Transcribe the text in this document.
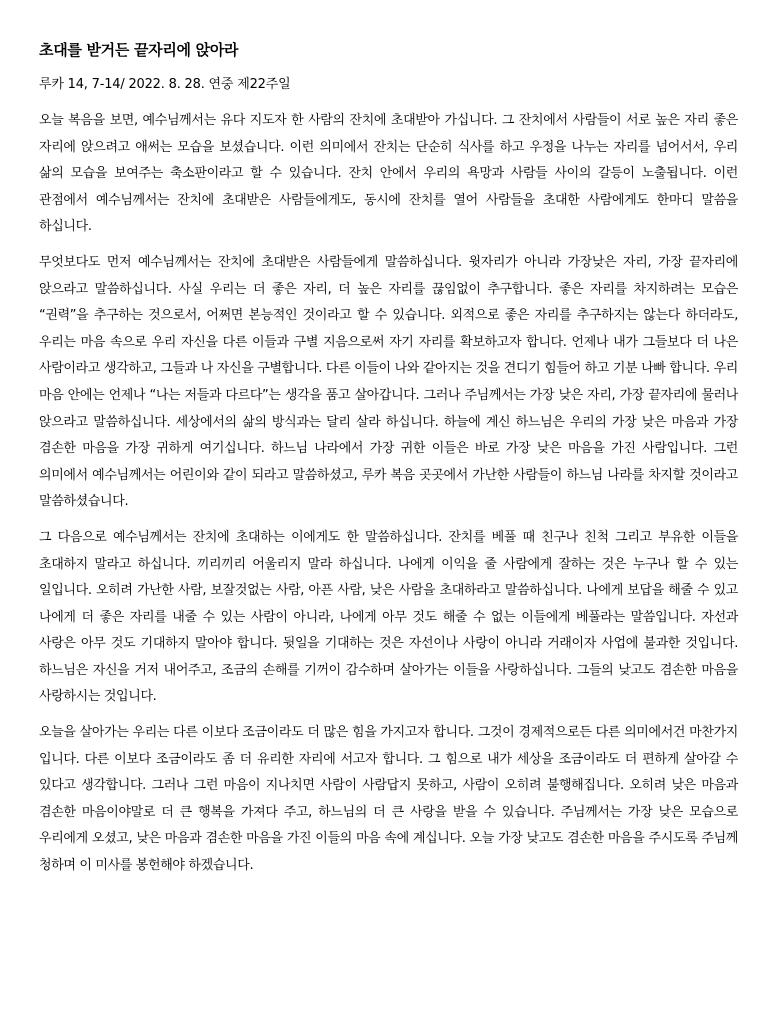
초대를 받거든 끝자리에 앉아라

루카 14, 7-14/ 2022. 8. 28. 연중 제22주일

오늘 복음을 보면, 예수님께서는 유다 지도자 한 사람의 잔치에 초대받아 가십니다. 그 잔치에서 사람들이 서로 높은 자리 좋은 자리에 앉으려고 애써는 모습을 보셨습니다. 이런 의미에서 잔치는 단순히 식사를 하고 우정을 나누는 자리를 넘어서서, 우리 삶의 모습을 보여주는 축소판이라고 할 수 있습니다. 잔치 안에서 우리의 욕망과 사람들 사이의 갈등이 노출됩니다. 이런 관점에서 예수님께서는 잔치에 초대받은 사람들에게도, 동시에 잔치를 열어 사람들을 초대한 사람에게도 한마디 말씀을 하십니다.

무엇보다도 먼저 예수님께서는 잔치에 초대받은 사람들에게 말씀하십니다. 윗자리가 아니라 가장낮은 자리, 가장 끝자리에 앉으라고 말씀하십니다. 사실 우리는 더 좋은 자리, 더 높은 자리를 끊임없이 추구합니다. 좋은 자리를 차지하려는 모습은 “권력”을 추구하는 것으로서, 어쩌면 본능적인 것이라고 할 수 있습니다. 외적으로 좋은 자리를 추구하지는 않는다 하더라도, 우리는 마음 속으로 우리 자신을 다른 이들과 구별 지음으로써 자기 자리를 확보하고자 합니다. 언제나 내가 그들보다 더 나은 사람이라고 생각하고, 그들과 나 자신을 구별합니다. 다른 이들이 나와 같아지는 것을 견디기 힘들어 하고 기분 나빠 합니다. 우리 마음 안에는 언제나 “나는 저들과 다르다”는 생각을 품고 살아갑니다. 그러나 주님께서는 가장 낮은 자리, 가장 끝자리에 물러나 앉으라고 말씀하십니다. 세상에서의 삶의 방식과는 달리 살라 하십니다. 하늘에 계신 하느님은 우리의 가장 낮은 마음과 가장 겸손한 마음을 가장 귀하게 여기십니다. 하느님 나라에서 가장 귀한 이들은 바로 가장 낮은 마음을 가진 사람입니다. 그런 의미에서 예수님께서는 어린이와 같이 되라고 말씀하셨고, 루카 복음 곳곳에서 가난한 사람들이 하느님 나라를 차지할 것이라고 말씀하셨습니다.

그 다음으로 예수님께서는 잔치에 초대하는 이에게도 한 말씀하십니다. 잔치를 베풀 때 친구나 친척 그리고 부유한 이들을 초대하지 말라고 하십니다. 끼리끼리 어울리지 말라 하십니다. 나에게 이익을 줄 사람에게 잘하는 것은 누구나 할 수 있는 일입니다. 오히려 가난한 사람, 보잘것없는 사람, 아픈 사람, 낮은 사람을 초대하라고 말씀하십니다. 나에게 보답을 해줄 수 있고 나에게 더 좋은 자리를 내줄 수 있는 사람이 아니라, 나에게 아무 것도 해줄 수 없는 이들에게 베풀라는 말씀입니다. 자선과 사랑은 아무 것도 기대하지 말아야 합니다. 뒷일을 기대하는 것은 자선이나 사랑이 아니라 거래이자 사업에 불과한 것입니다. 하느님은 자신을 거저 내어주고, 조금의 손해를 기꺼이 감수하며 살아가는 이들을 사랑하십니다. 그들의 낮고도 겸손한 마음을 사랑하시는 것입니다.

오늘을 살아가는 우리는 다른 이보다 조금이라도 더 많은 힘을 가지고자 합니다. 그것이 경제적으로든 다른 의미에서건 마찬가지 입니다. 다른 이보다 조금이라도 좀 더 유리한 자리에 서고자 합니다. 그 힘으로 내가 세상을 조금이라도 더 편하게 살아갈 수 있다고 생각합니다. 그러나 그런 마음이 지나치면 사람이 사람답지 못하고, 사람이 오히려 불행해집니다. 오히려 낮은 마음과 겸손한 마음이야말로 더 큰 행복을 가져다 주고, 하느님의 더 큰 사랑을 받을 수 있습니다. 주님께서는 가장 낮은 모습으로 우리에게 오셨고, 낮은 마음과 겸손한 마음을 가진 이들의 마음 속에 계십니다. 오늘 가장 낮고도 겸손한 마음을 주시도록 주님께 청하며 이 미사를 봉헌해야 하겠습니다.
